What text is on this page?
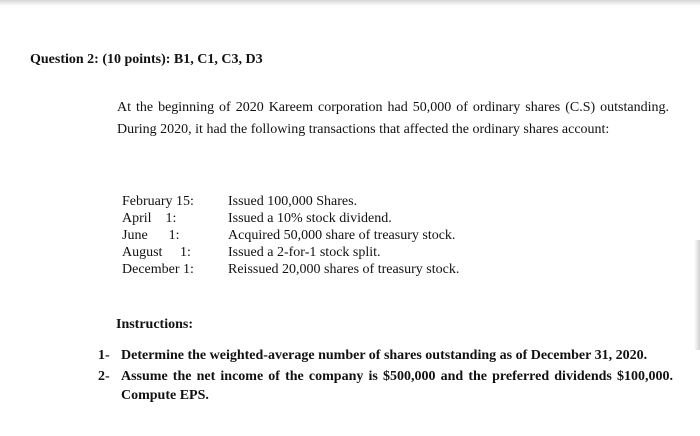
Question 2: (10 points): B1, C1, C3, D3
At the beginning of 2020 Kareem corporation had 50,000 of ordinary shares (C.S) outstanding. During 2020, it had the following transactions that affected the ordinary shares account:
February 15:	Issued 100,000 Shares.
April    1:	Issued a 10% stock dividend.
June      1:	Acquired 50,000 share of treasury stock.
August     1:	Issued a 2-for-1 stock split.
December 1:	Reissued 20,000 shares of treasury stock.
Instructions:
1- Determine the weighted-average number of shares outstanding as of December 31, 2020.
2- Assume the net income of the company is $500,000 and the preferred dividends $100,000. Compute EPS.
